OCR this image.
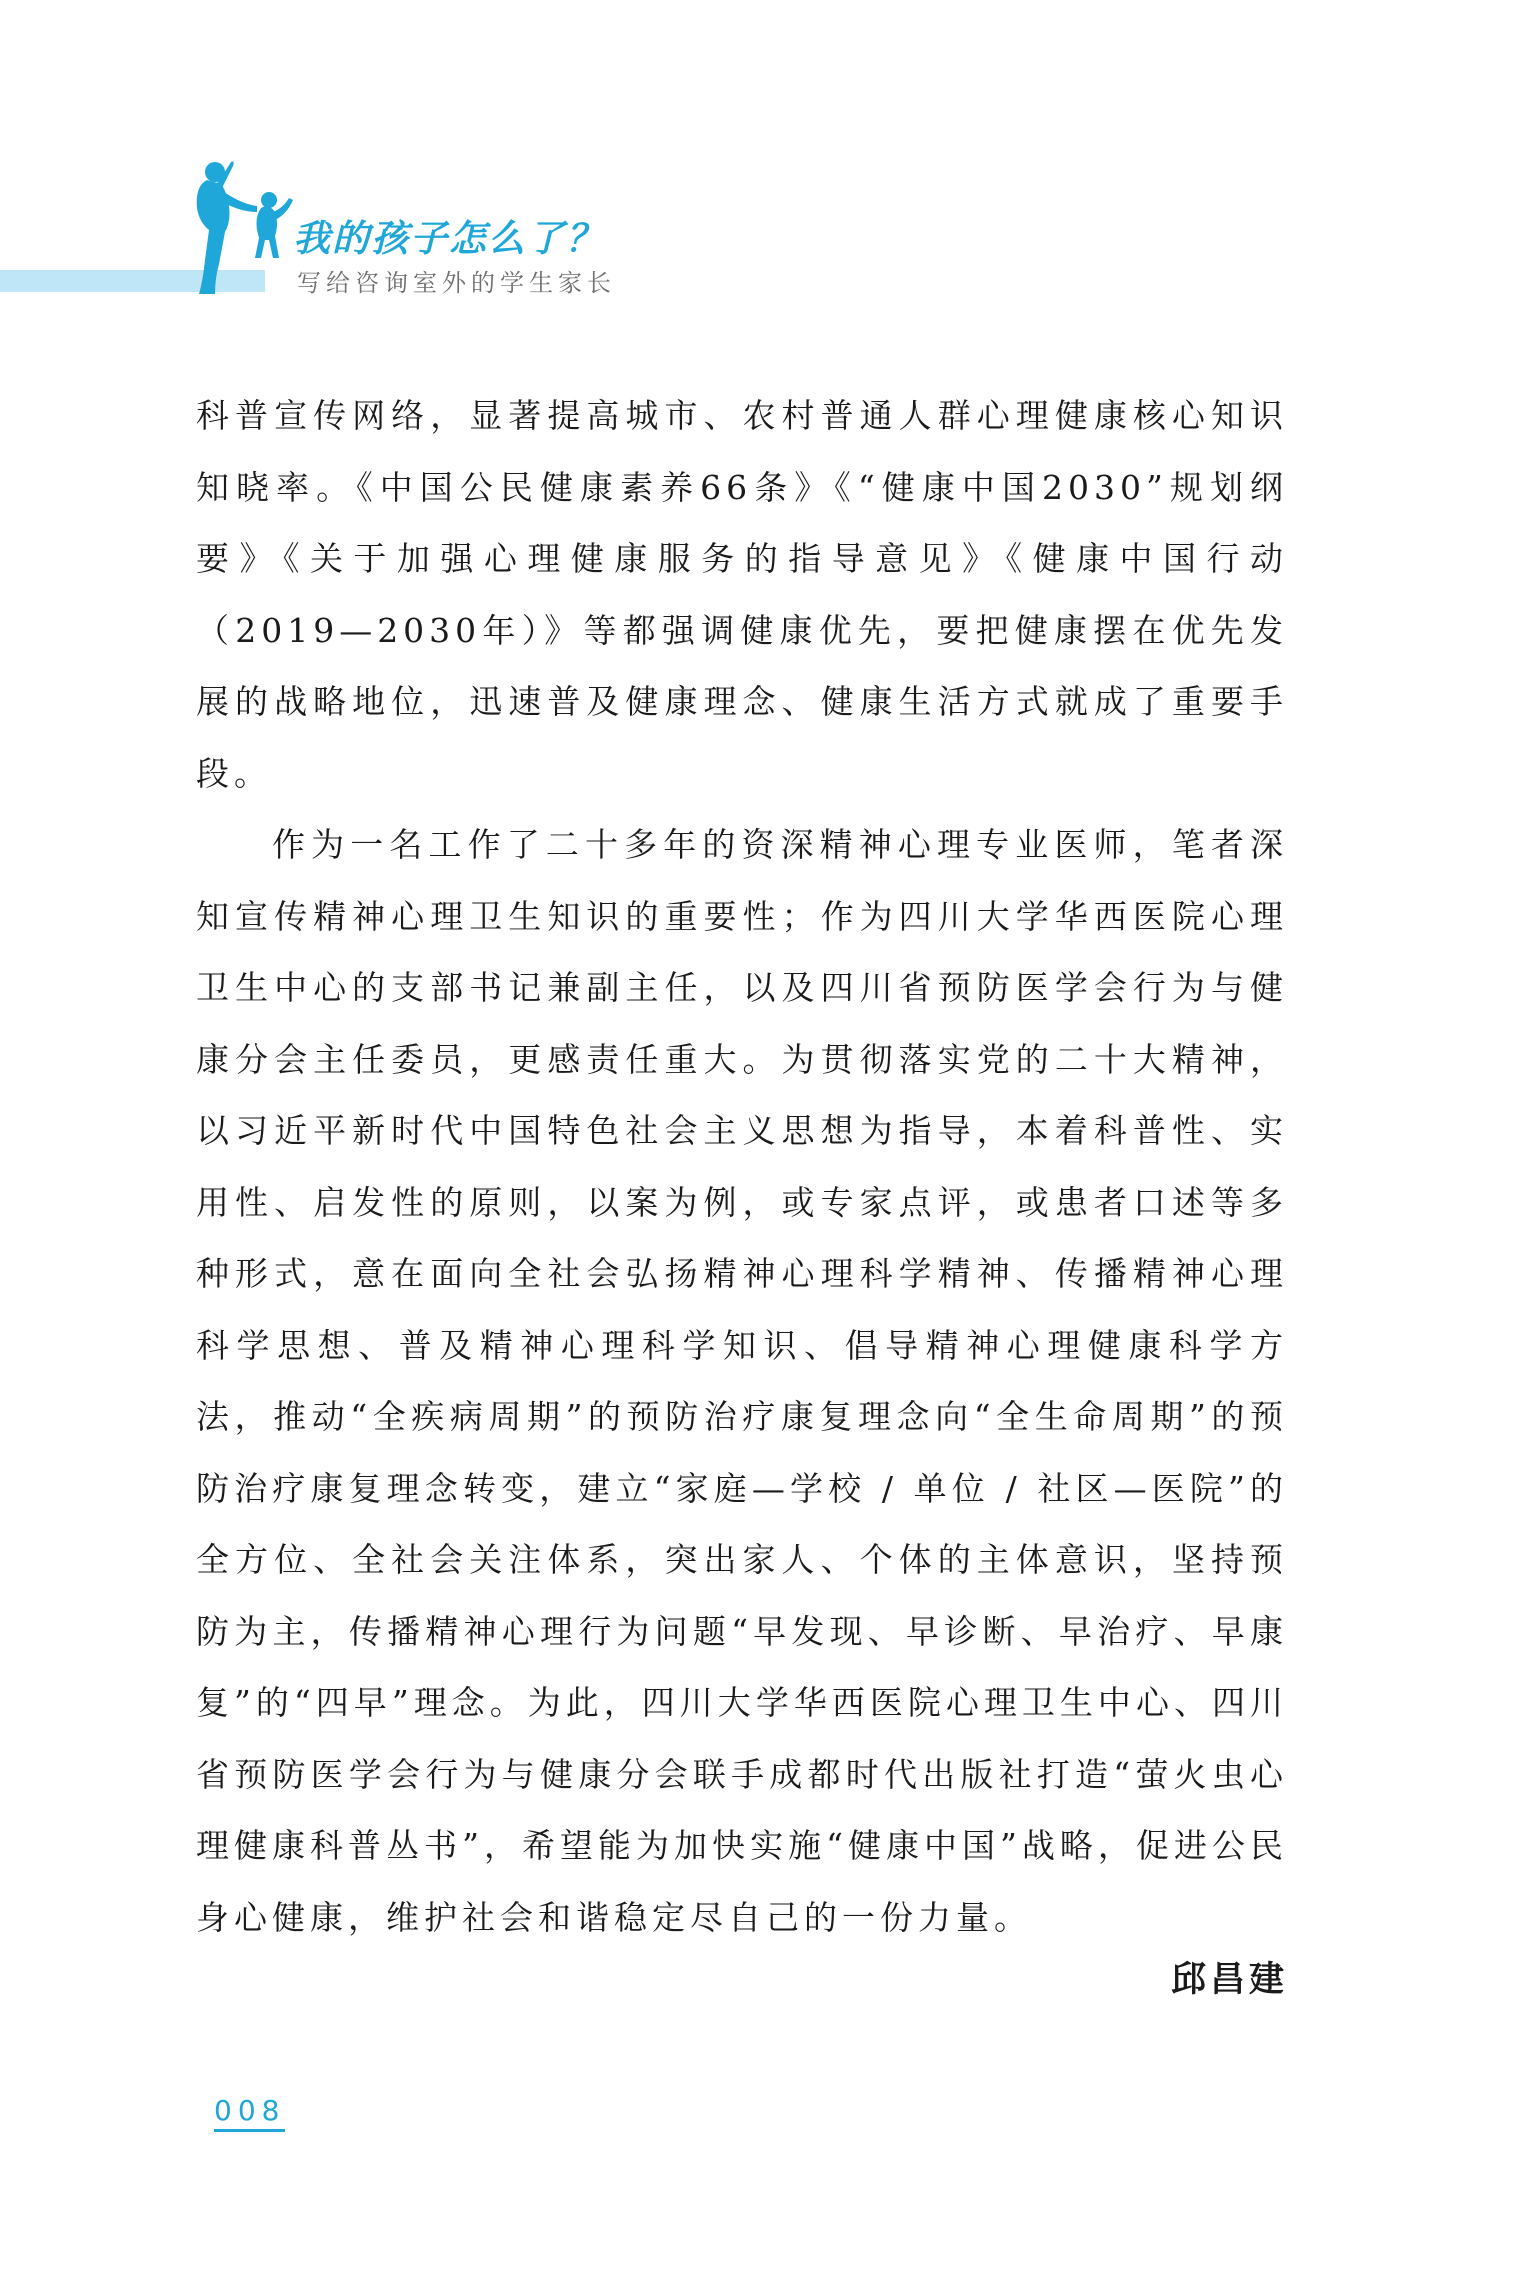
我的孩子怎么了？
写给咨询室外的学生家长

科普宣传网络，显著提高城市、农村普通人群心理健康核心知识知晓率。《中国公民健康素养66条》《“健康中国2030”规划纲要》《关于加强心理健康服务的指导意见》《健康中国行动（2019—2030年）》等都强调健康优先，要把健康摆在优先发展的战略地位，迅速普及健康理念、健康生活方式就成了重要手段。

作为一名工作了二十多年的资深精神心理专业医师，笔者深知宣传精神心理卫生知识的重要性；作为四川大学华西医院心理卫生中心的支部书记兼副主任，以及四川省预防医学会行为与健康分会主任委员，更感责任重大。为贯彻落实党的二十大精神，以习近平新时代中国特色社会主义思想为指导，本着科普性、实用性、启发性的原则，以案为例，或专家点评，或患者口述等多种形式，意在面向全社会弘扬精神心理科学精神、传播精神心理科学思想、普及精神心理科学知识、倡导精神心理健康科学方法，推动“全疾病周期”的预防治疗康复理念向“全生命周期”的预防治疗康复理念转变，建立“家庭—学校 / 单位 / 社区—医院”的全方位、全社会关注体系，突出家人、个体的主体意识，坚持预防为主，传播精神心理行为问题“早发现、早诊断、早治疗、早康复”的“四早”理念。为此，四川大学华西医院心理卫生中心、四川省预防医学会行为与健康分会联手成都时代出版社打造“萤火虫心理健康科普丛书”，希望能为加快实施“健康中国”战略，促进公民身心健康，维护社会和谐稳定尽自己的一份力量。

邱昌建
008
